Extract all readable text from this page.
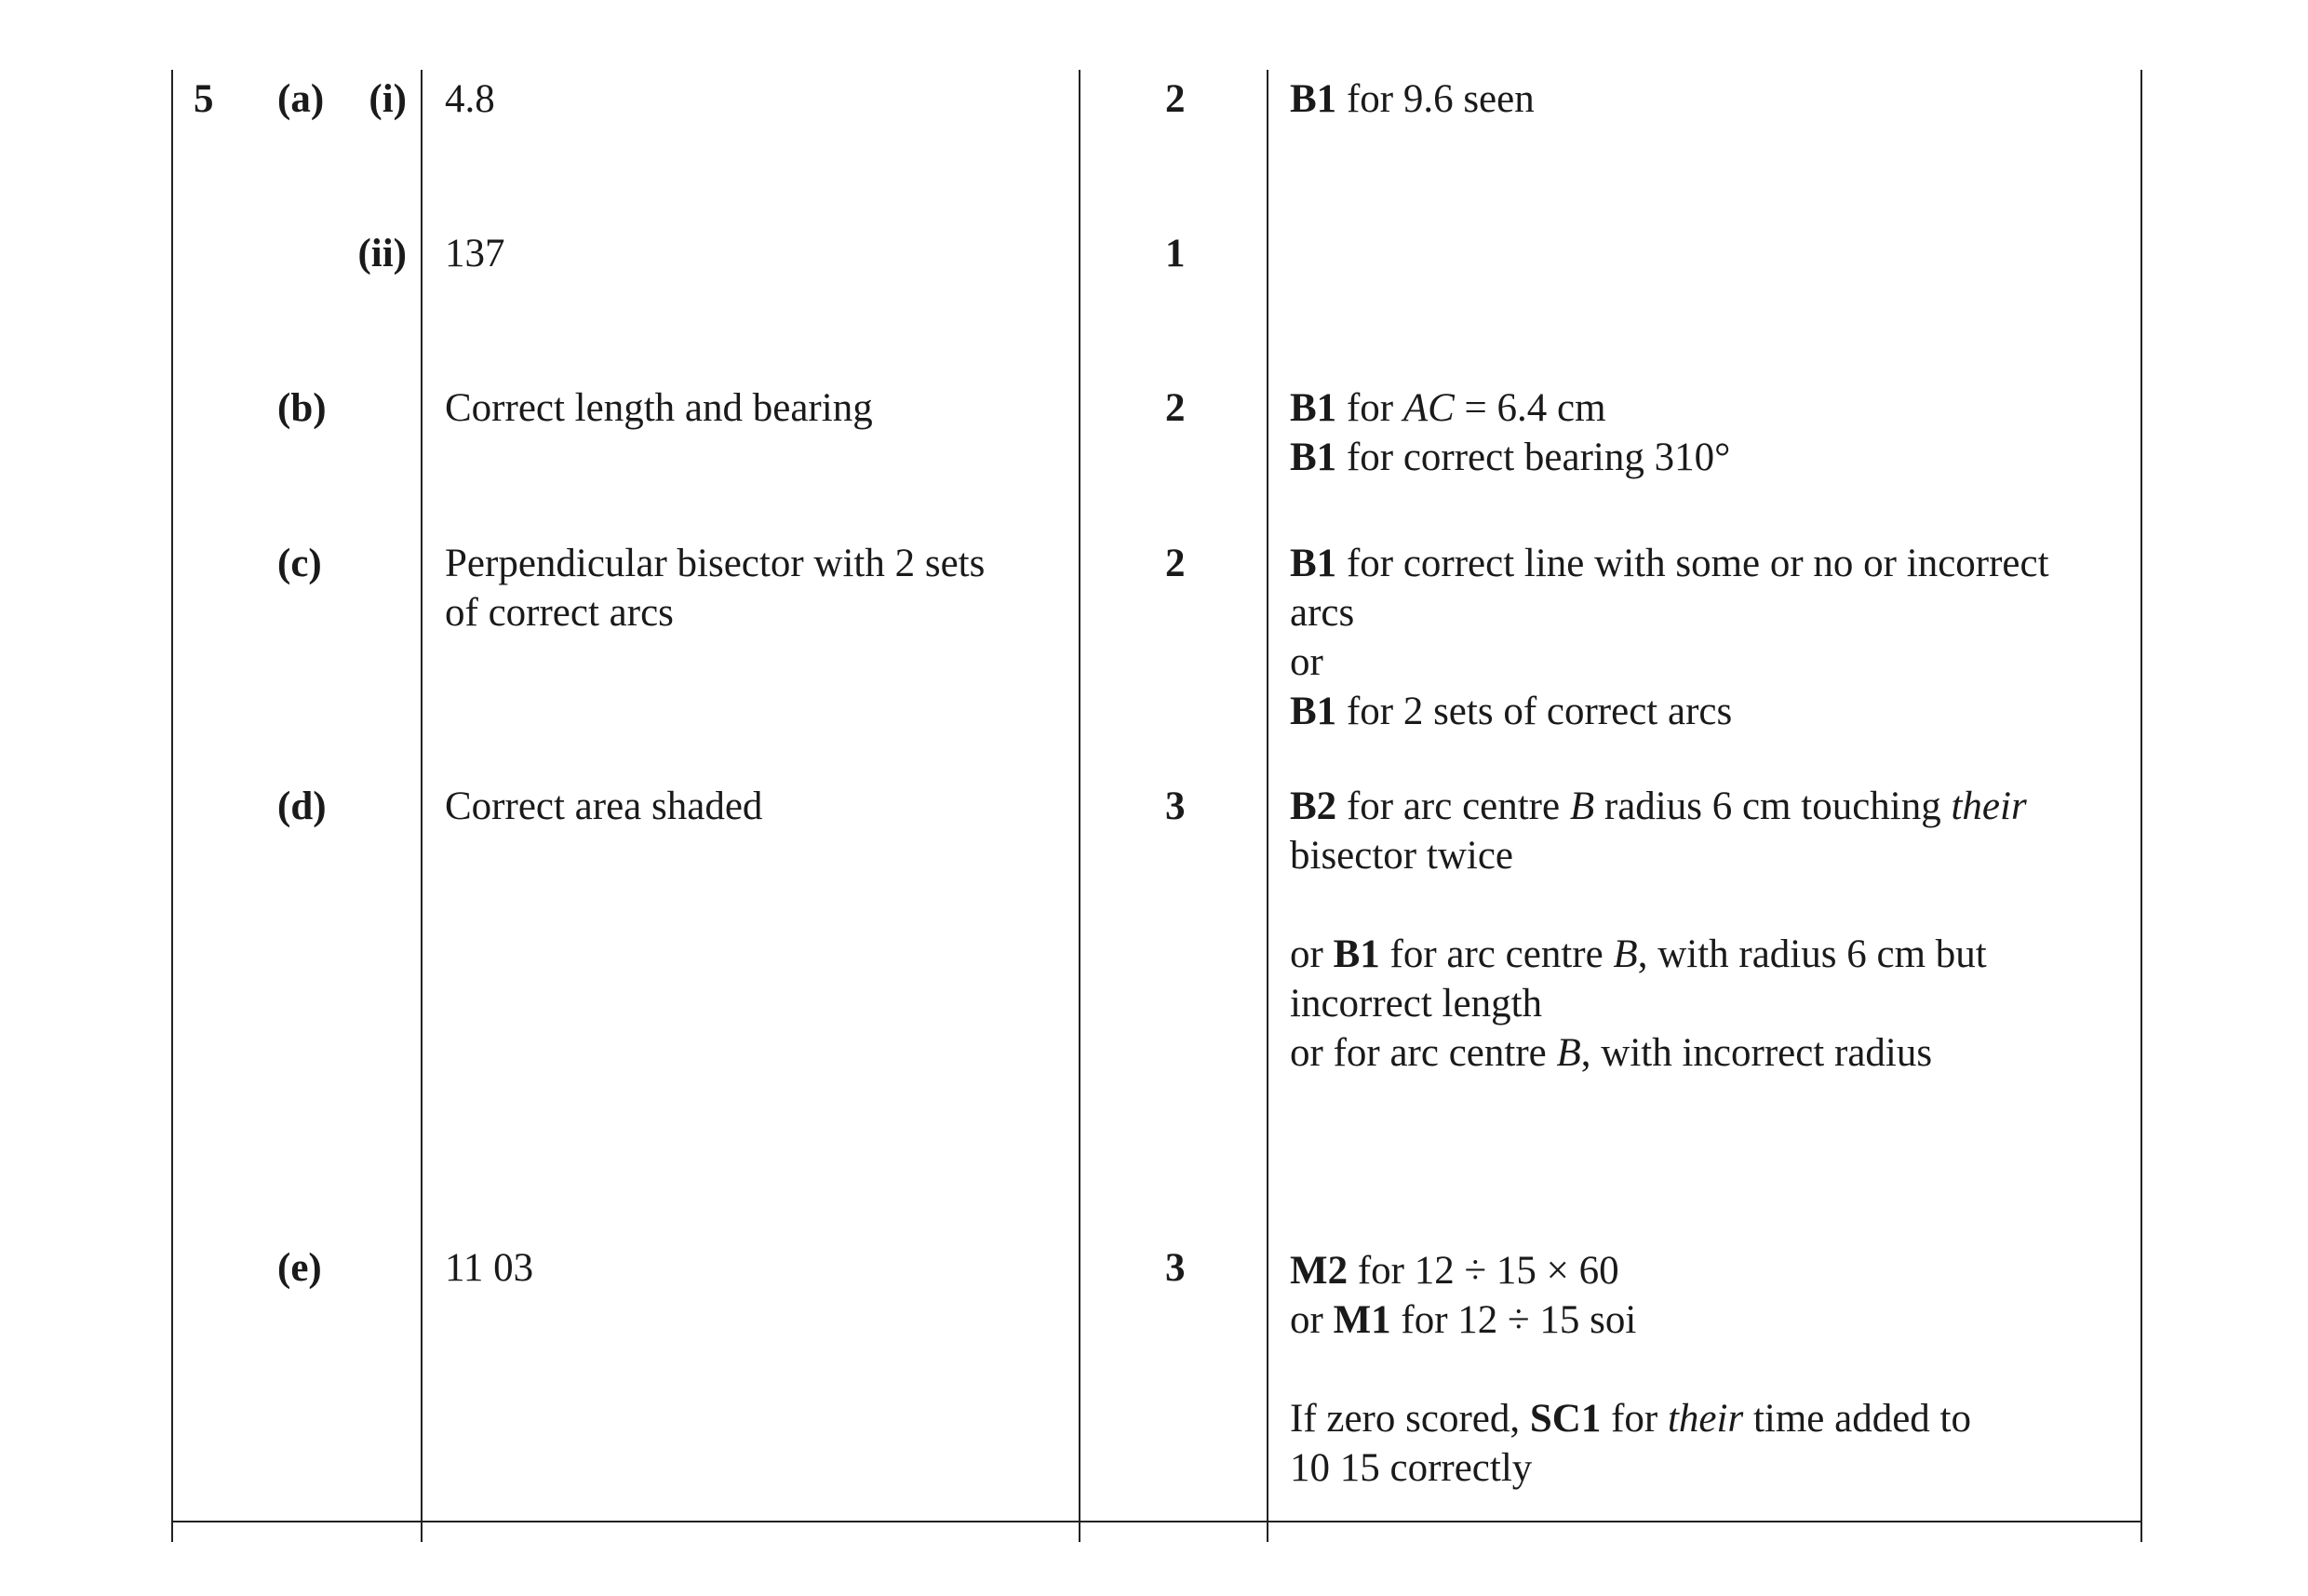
5 (a) (i) 4.8	2	B1 for 9.6 seen
(ii) 137	1
(b)	Correct length and bearing	2	B1 for AC = 6.4 cm
B1 for correct bearing 310°
(c)	Perpendicular bisector with 2 sets
of correct arcs
2	B1 for correct line with some or no or incorrect
arcs
or
B1 for 2 sets of correct arcs
(d)	Correct area shaded	3	B2 for arc centre B radius 6 cm touching their
bisector twice
or B1 for arc centre B, with radius 6 cm but
incorrect length
or for arc centre B, with incorrect radius
(e)	11 03	3	M2 for 12 ÷ 15 × 60
or M1 for 12 ÷ 15 soi
If zero scored, SC1 for their time added to
10 15 correctly
